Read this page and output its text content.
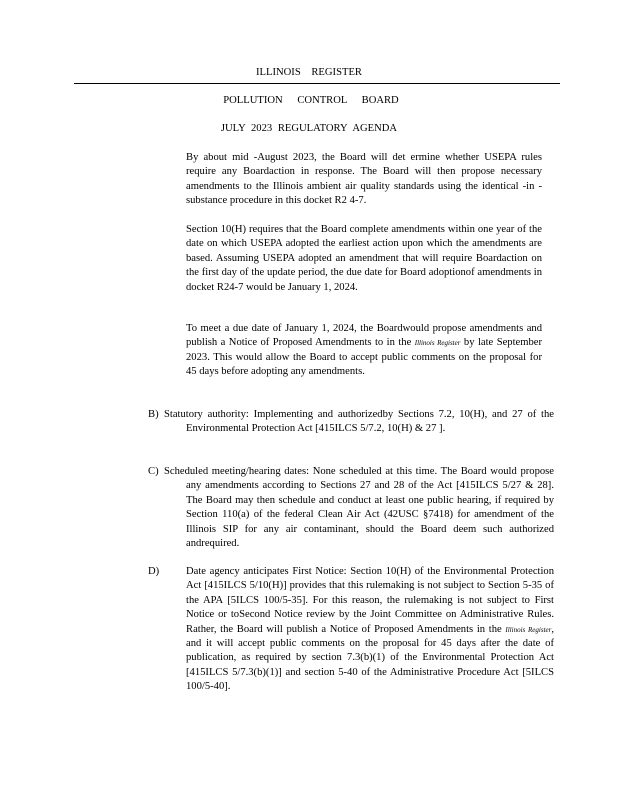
ILLINOIS REGISTER
POLLUTION CONTROL BOARD
JULY 2023 REGULATORY AGENDA
By about mid -August 2023, the Board will det ermine whether USEPA rules require any Boardaction in response. The Board will then propose necessary amendments to the Illinois ambient air quality standards using the identical -in -substance procedure in this docket R2 4-7.
Section 10(H) requires that the Board complete amendments within one year of the date on which USEPA adopted the earliest action upon which the amendments are based. Assuming USEPA adopted an amendment that will require Boardaction on the first day of the update period, the due date for Board adoptionof amendments in docket R24-7 would be January 1, 2024.
To meet a due date of January 1, 2024, the Boardwould propose amendments and publish a Notice of Proposed Amendments to in the Illinois Register by late September 2023. This would allow the Board to accept public comments on the proposal for 45 days before adopting any amendments.
B) Statutory authority: Implementing and authorizedby Sections 7.2, 10(H), and 27 of the Environmental Protection Act [415ILCS 5/7.2, 10(H) & 27 ].
C) Scheduled meeting/hearing dates: None scheduled at this time. The Board would propose any amendments according to Sections 27 and 28 of the Act [415ILCS 5/27 & 28]. The Board may then schedule and conduct at least one public hearing, if required by Section 110(a) of the federal Clean Air Act (42USC §7418) for amendment of the Illinois SIP for any air contaminant, should the Board deem such authorized andrequired.
D)	Date agency anticipates First Notice: Section 10(H) of the Environmental Protection Act [415ILCS 5/10(H)] provides that this rulemaking is not subject to Section 5-35 of the APA [5ILCS 100/5-35]. For this reason, the rulemaking is not subject to First Notice or toSecond Notice review by the Joint Committee on Administrative Rules. Rather, the Board will publish a Notice of Proposed Amendments in the Illinois Register, and it will accept public comments on the proposal for 45 days after the date of publication, as required by section 7.3(b)(1) of the Environmental Protection Act [415ILCS 5/7.3(b)(1)] and section 5-40 of the Administrative Procedure Act [5ILCS 100/5-40].
